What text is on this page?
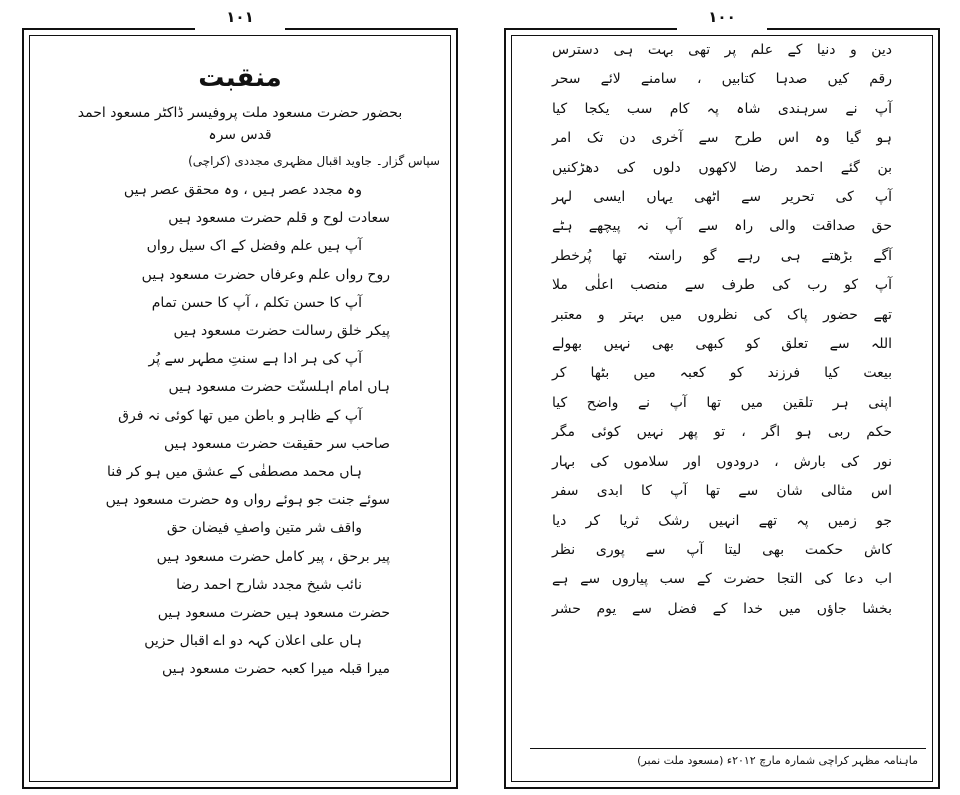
١٠١
منقبت
بحضور حضرت مسعود ملت پروفیسر ڈاکٹر مسعود احمد قدس سرہ
سپاس گزار۔ جاوید اقبال مظہری مجددی (کراچی)
وہ مجدد عصر ہیں ، وہ محقق عصر ہیں
سعادت لوح و قلم حضرت مسعود ہیں
آپ ہیں علم وفضل کے اک سیل رواں
روح رواں علم وعرفاں حضرت مسعود ہیں
آپ کا حسن تکلم ، آپ کا حسن تمام
پیکر خلق رسالت حضرت مسعود ہیں
آپ کی ہر ادا ہے سنتِ مطہر سے پُر
ہاں امام اہلسنّت حضرت مسعود ہیں
آپ کے ظاہر و باطن میں تھا کوئی نہ فرق
صاحب سر حقیقت حضرت مسعود ہیں
ہاں محمد مصطفٰی کے عشق میں ہو کر فنا
سوئے جنت جو ہوئے رواں وہ حضرت مسعود ہیں
واقف شر متین واصفِ فیضان حق
پیر برحق ، پیر کامل حضرت مسعود ہیں
نائب شیخ مجدد شارح احمد رضا
حضرت مسعود ہیں حضرت مسعود ہیں
ہاں علی اعلان کہہ دو اے اقبال حزیں
میرا قبلہ میرا کعبہ حضرت مسعود ہیں
ماہنامہ مظہر کراچی شمارہ مارچ ۲۰۱۲ء (مسعود ملت نمبر)
١٠٠
دین و دنیا کے علم پر تھی بہت ہی دسترس
رقم کیں صدہا کتابیں ، سامنے لائے سحر
آپ نے سرہندی شاہ پہ کام سب یکجا کیا
ہو گیا وہ اس طرح سے آخری دن تک امر
بن گئے احمد رضا لاکھوں دلوں کی دھڑکنیں
آپ کی تحریر سے اٹھی یہاں ایسی لہر
حق صداقت والی راہ سے آپ نہ پیچھے ہٹے
آگے بڑھتے ہی رہے گو راستہ تھا پُرخطر
آپ کو رب کی طرف سے منصب اعلٰی ملا
تھے حضور پاک کی نظروں میں بہتر و معتبر
اللہ سے تعلق کو کبھی بھی نہیں بھولے
بیعت کیا فرزند کو کعبہ میں بٹھا کر
اپنی ہر تلقین میں تھا آپ نے واضح کیا
حکم ربی ہو اگر ، تو پھر نہیں کوئی مگر
نور کی بارش ، درودوں اور سلاموں کی بہار
اس مثالی شان سے تھا آپ کا ابدی سفر
جو زمیں پہ تھے انہیں رشک ثریا کر دیا
کاش حکمت بھی لیتا آپ سے پوری نظر
اب دعا کی التجا حضرت کے سب پیاروں سے ہے
بخشا جاؤں میں خدا کے فضل سے یوم حشر
